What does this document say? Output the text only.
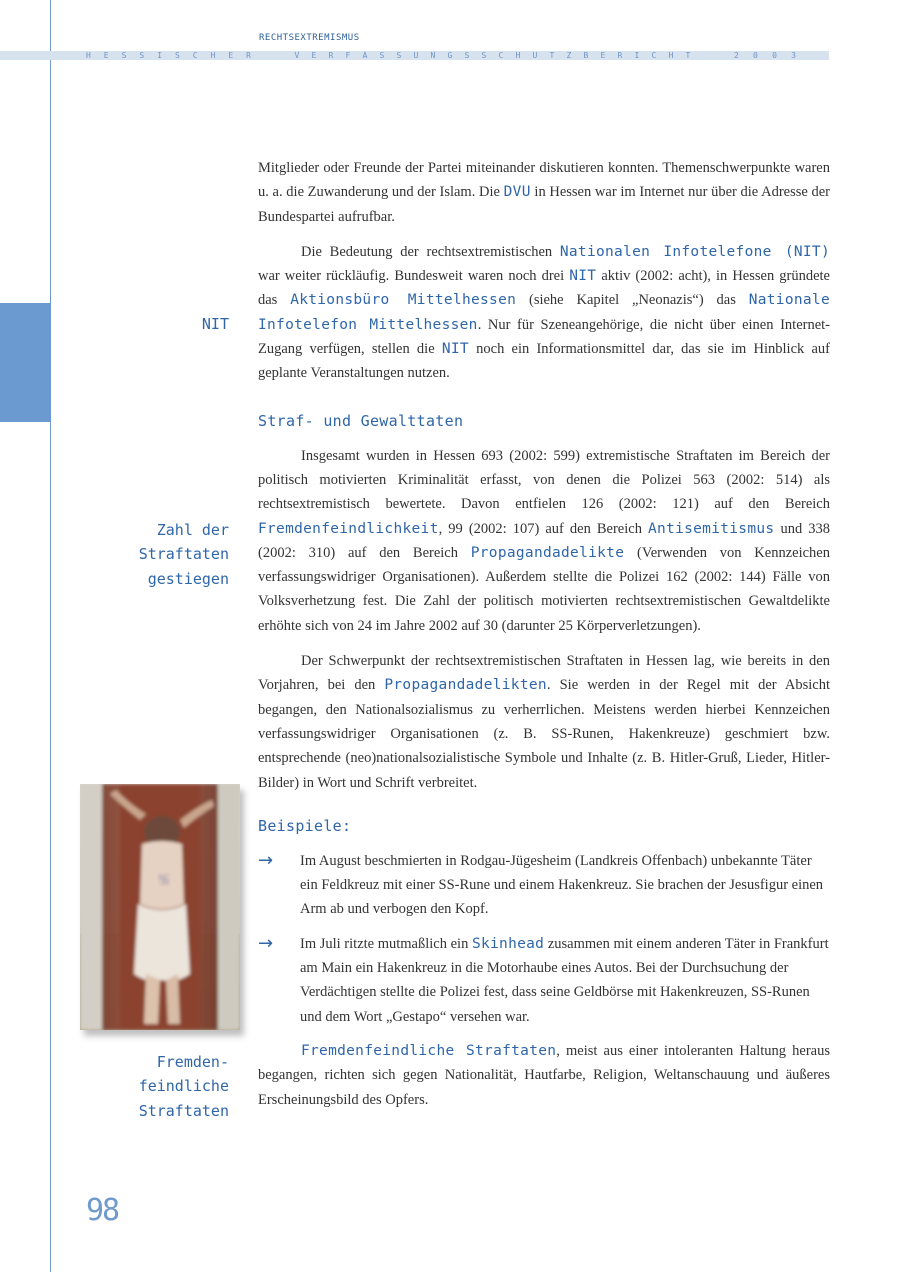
RECHTSEXTREMISMUS
H E S S I S C H E R	V E R F A S S U N G S S C H U T Z B E R I C H T	2 0 0 3
NIT
Zahl der
Straftaten
gestiegen
Fremden-
feindliche
Straftaten
卐

Mitglieder oder Freunde der Partei miteinander diskutieren konnten. Themenschwerpunkte waren u. a. die Zuwanderung und der Islam. Die DVU in Hessen war im Internet nur über die Adresse der Bundespartei aufrufbar.

Die Bedeutung der rechtsextremistischen Nationalen Infotelefone (NIT) war weiter rückläufig. Bundesweit waren noch drei NIT aktiv (2002: acht), in Hessen gründete das Aktionsbüro Mittelhessen (siehe Kapitel „Neonazis“) das Nationale Infotelefon Mittelhessen. Nur für Szeneangehörige, die nicht über einen Internet-Zugang verfügen, stellen die NIT noch ein Informationsmittel dar, das sie im Hinblick auf geplante Veranstaltungen nutzen.

Straf- und Gewalttaten

Insgesamt wurden in Hessen 693 (2002: 599) extremistische Straftaten im Bereich der politisch motivierten Kriminalität erfasst, von denen die Polizei 563 (2002: 514) als rechtsextremistisch bewertete. Davon entfielen 126 (2002: 121) auf den Bereich Fremdenfeindlichkeit, 99 (2002: 107) auf den Bereich Antisemitismus und 338 (2002: 310) auf den Bereich Propagandadelikte (Verwenden von Kennzeichen verfassungswidriger Organisationen). Außerdem stellte die Polizei 162 (2002: 144) Fälle von Volksverhetzung fest. Die Zahl der politisch motivierten rechtsextremistischen Gewaltdelikte erhöhte sich von 24 im Jahre 2002 auf 30 (darunter 25 Körperverletzungen).

Der Schwerpunkt der rechtsextremistischen Straftaten in Hessen lag, wie bereits in den Vorjahren, bei den Propagandadelikten. Sie werden in der Regel mit der Absicht begangen, den Nationalsozialismus zu verherrlichen. Meistens werden hierbei Kennzeichen verfassungswidriger Organisationen (z. B. SS-Runen, Hakenkreuze) geschmiert bzw. entsprechende (neo)nationalsozialistische Symbole und Inhalte (z. B. Hitler-Gruß, Lieder, Hitler-Bilder) in Wort und Schrift verbreitet.

Beispiele:
→	Im August beschmierten in Rodgau-Jügesheim (Landkreis Offenbach) unbekannte Täter ein Feldkreuz mit einer SS-Rune und einem Hakenkreuz. Sie brachen der Jesusfigur einen Arm ab und verbogen den Kopf.
→	Im Juli ritzte mutmaßlich ein Skinhead zusammen mit einem anderen Täter in Frankfurt am Main ein Hakenkreuz in die Motorhaube eines Autos. Bei der Durchsuchung der Verdächtigen stellte die Polizei fest, dass seine Geldbörse mit Hakenkreuzen, SS-Runen und dem Wort „Gestapo“ versehen war.

Fremdenfeindliche Straftaten, meist aus einer intoleranten Haltung heraus begangen, richten sich gegen Nationalität, Hautfarbe, Religion, Weltanschauung und äußeres Erscheinungsbild des Opfers.

98
